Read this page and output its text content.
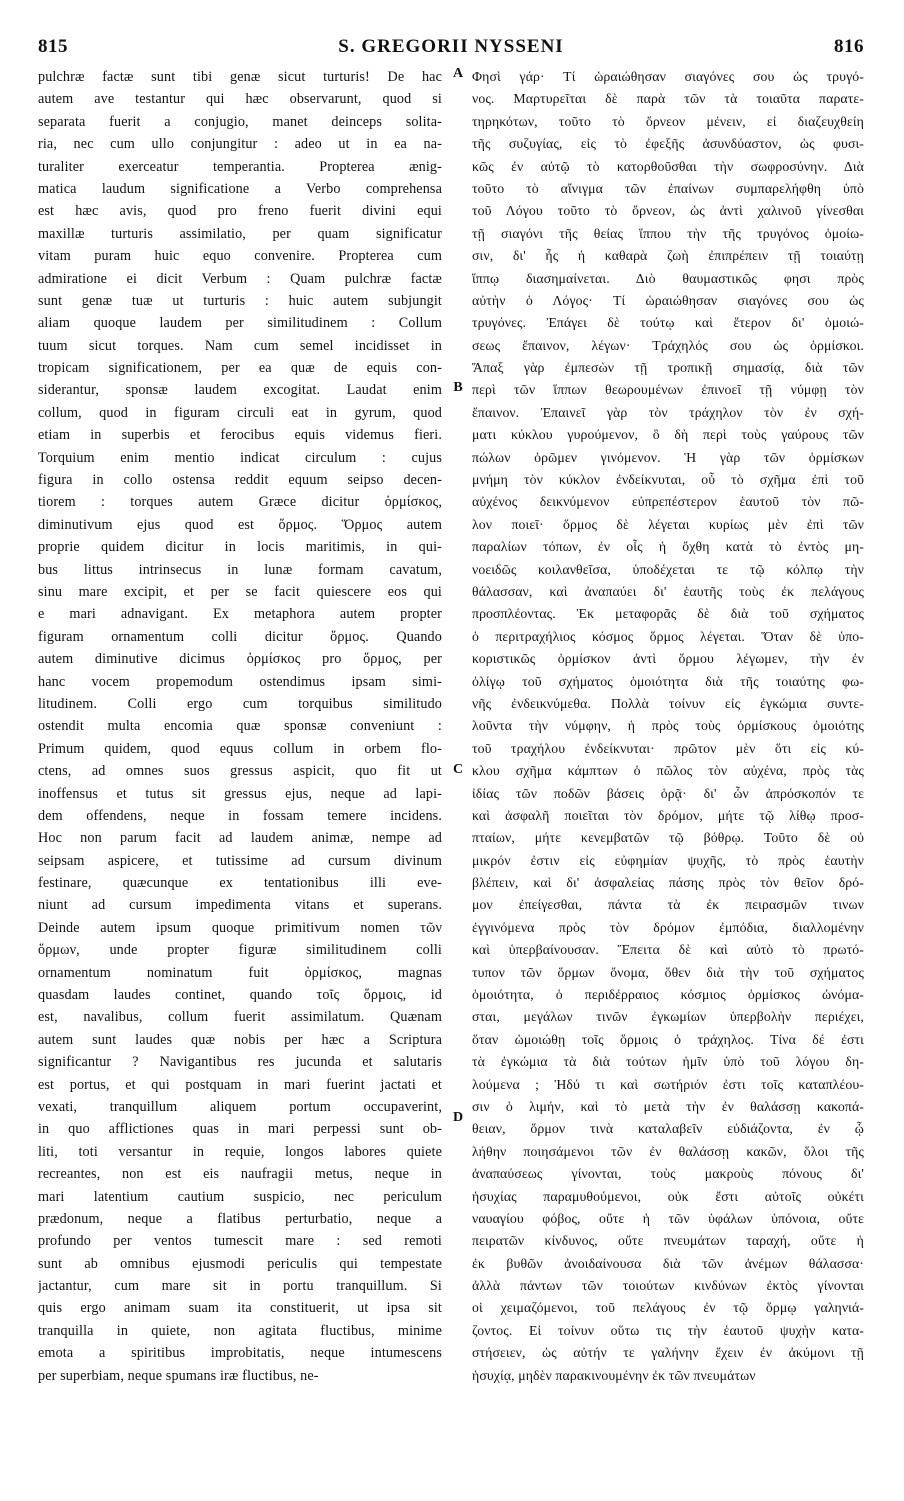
815	S. GREGORII NYSSENI	816
pulchræ factæ sunt tibi genæ sicut turturis! De hac
autem ave testantur qui hæc observarunt, quod si
separata fuerit a conjugio, manet deinceps solita-
ria, nec cum ullo conjungitur : adeo ut in ea na-
turaliter exerceatur temperantia. Propterea ænig-
matica laudum significatione a Verbo comprehensa
est hæc avis, quod pro freno fuerit divini equi
maxillæ turturis assimilatio, per quam significatur
vitam puram huic equo convenire. Propterea cum
admiratione ei dicit Verbum : Quam pulchræ factæ
sunt genæ tuæ ut turturis : huic autem subjungit
aliam quoque laudem per similitudinem : Collum
tuum sicut torques. Nam cum semel incidisset in
tropicam significationem, per ea quæ de equis con-
siderantur, sponsæ laudem excogitat. Laudat enim
collum, quod in figuram circuli eat in gyrum, quod
etiam in superbis et ferocibus equis videmus fieri.
Torquium enim mentio indicat circulum : cujus
figura in collo ostensa reddit equum seipso decen-
tiorem : torques autem Græce dicitur ὁρμίσκος,
diminutivum ejus quod est ὅρμος. Ὅρμος autem
proprie quidem dicitur in locis maritimis, in qui-
bus littus intrinsecus in lunæ formam cavatum,
sinu mare excipit, et per se facit quiescere eos qui
e mari adnavigant. Ex metaphora autem propter
figuram ornamentum colli dicitur ὅρμος. Quando
autem diminutive dicimus ὁρμίσκος pro ὅρμος, per
hanc vocem propemodum ostendimus ipsam simi-
litudinem. Colli ergo cum torquibus similitudo
ostendit multa encomia quæ sponsæ conveniunt :
Primum quidem, quod equus collum in orbem flo-
ctens, ad omnes suos gressus aspicit, quo fit ut
inoffensus et tutus sit gressus ejus, neque ad lapi-
dem offendens, neque in fossam temere incidens.
Hoc non parum facit ad laudem animæ, nempe ad
seipsam aspicere, et tutissime ad cursum divinum
festinare, quæcunque ex tentationibus illi eve-
niunt ad cursum impedimenta vitans et superans.
Deinde autem ipsum quoque primitivum nomen τῶν
ὅρμων, unde propter figuræ similitudinem colli
ornamentum nominatum fuit ὁρμίσκος, magnas
quasdam laudes continet, quando τοῖς ὅρμοις, id
est, navalibus, collum fuerit assimilatum. Quænam
autem sunt laudes quæ nobis per hæc a Scriptura
significantur ? Navigantibus res jucunda et salutaris
est portus, et qui postquam in mari fuerint jactati et
vexati, tranquillum aliquem portum occupaverint,
in quo afflictiones quas in mari perpessi sunt ob-
liti, toti versantur in requie, longos labores quiete
recreantes, non est eis naufragii metus, neque in
mari latentium cautium suspicio, nec periculum
prædonum, neque a flatibus perturbatio, neque a
profundo per ventos tumescit mare : sed remoti
sunt ab omnibus ejusmodi periculis qui tempestate
jactantur, cum mare sit in portu tranquillum. Si
quis ergo animam suam ita constituerit, ut ipsa sit
tranquilla in quiete, non agitata fluctibus, minime
emota a spiritibus improbitatis, neque intumescens
per superbiam, neque spumans iræ fluctibus, ne-
Φησὶ γάρ· Τί ὡραιώθησαν σιαγόνες σου ὡς τρυγό-
νος. Μαρτυρεῖται δὲ παρὰ τῶν τὰ τοιαῦτα παρατε-
τηρηκότων, τοῦτο τὸ ὄρνεον μένειν, εἰ διαζευχθείη
τῆς συζυγίας, εἰς τὸ ἐφεξῆς ἀσυνδύαστον, ὡς φυσι-
κῶς ἐν αὐτῷ τὸ κατορθοῦσθαι τὴν σωφροσύνην. Διὰ
τοῦτο τὸ αἴνιγμα τῶν ἐπαίνων συμπαρελήφθη ὑπὸ
τοῦ Λόγου τοῦτο τὸ ὄρνεον, ὡς ἀντὶ χαλινοῦ γίνεσθαι
τῇ σιαγόνι τῆς θείας ἵππου τὴν τῆς τρυγόνος ὁμοίω-
σιν, δι' ἧς ἡ καθαρὰ ζωὴ ἐπιπρέπειν τῇ τοιαύτῃ
ἵππῳ διασημαίνεται. Διὸ θαυμαστικῶς φησι πρὸς
αὐτὴν ὁ Λόγος· Τί ὡραιώθησαν σιαγόνες σου ὡς
τρυγόνες. Ἐπάγει δὲ τούτῳ καὶ ἕτερον δι' ὁμοιώ-
σεως ἔπαινον, λέγων· Τράχηλός σου ὡς ὁρμίσκοι.
Ἅπαξ γὰρ ἐμπεσὼν τῇ τροπικῇ σημασίᾳ, διὰ τῶν
περὶ τῶν ἵππων θεωρουμένων ἐπινοεῖ τῇ νύμφῃ τὸν
ἔπαινον. Ἐπαινεῖ γὰρ τὸν τράχηλον τὸν ἐν σχή-
ματι κύκλου γυρούμενον, ὃ δὴ περὶ τοὺς γαύρους τῶν
πώλων ὁρῶμεν γινόμενον. Ἡ γὰρ τῶν ὁρμίσκων
μνήμη τὸν κύκλον ἐνδείκνυται, οὗ τὸ σχῆμα ἐπὶ τοῦ
αὐχένος δεικνύμενον εὐπρεπέστερον ἑαυτοῦ τὸν πῶ-
λον ποιεῖ· ὅρμος δὲ λέγεται κυρίως μὲν ἐπὶ τῶν
παραλίων τόπων, ἐν οἷς ἡ ὄχθη κατὰ τὸ ἐντὸς μη-
νοειδῶς κοιλανθεῖσα, ὑποδέχεται τε τῷ κόλπῳ τὴν
θάλασσαν, καὶ ἀναπαύει δι' ἑαυτῆς τοὺς ἐκ πελάγους
προσπλέοντας. Ἐκ μεταφορᾶς δὲ διὰ τοῦ σχήματος
ὁ περιτραχήλιος κόσμος ὅρμος λέγεται. Ὅταν δὲ ὑπο-
κοριστικῶς ὁρμίσκον ἀντὶ ὅρμου λέγωμεν, τὴν ἐν
ὀλίγῳ τοῦ σχήματος ὁμοιότητα διὰ τῆς τοιαύτης φω-
νῆς ἐνδεικνύμεθα. Πολλὰ τοίνυν εἰς ἐγκώμια συντε-
λοῦντα τὴν νύμφην, ἡ πρὸς τοὺς ὁρμίσκους ὁμοιότης
τοῦ τραχήλου ἐνδείκνυται· πρῶτον μὲν ὅτι εἰς κύ-
κλου σχῆμα κάμπτων ὁ πῶλος τὸν αὐχένα, πρὸς τὰς
ἰδίας τῶν ποδῶν βάσεις ὁρᾷ· δι' ὧν ἀπρόσκοπόν τε
καὶ ἀσφαλῆ ποιεῖται τὸν δρόμον, μήτε τῷ λίθῳ προσ-
πταίων, μήτε κενεμβατῶν τῷ βόθρῳ. Τοῦτο δὲ οὐ
μικρόν ἐστιν εἰς εὐφημίαν ψυχῆς, τὸ πρὸς ἑαυτὴν
βλέπειν, καὶ δι' ἀσφαλείας πάσης πρὸς τὸν θεῖον δρό-
μον ἐπείγεσθαι, πάντα τὰ ἐκ πειρασμῶν τινων
ἐγγινόμενα πρὸς τὸν δρόμον ἐμπόδια, διαλλομένην
καὶ ὑπερβαίνουσαν. Ἔπειτα δὲ καὶ αὐτὸ τὸ πρωτό-
τυπον τῶν ὅρμων ὄνομα, ὅθεν διὰ τὴν τοῦ σχήματος
ὁμοιότητα, ὁ περιδέρραιος κόσμιος ὁρμίσκος ὠνόμα-
σται, μεγάλων τινῶν ἐγκωμίων ὑπερβολὴν περιέχει,
ὅταν ὡμοιώθῃ τοῖς ὅρμοις ὁ τράχηλος. Τίνα δέ ἐστι
τὰ ἐγκώμια τὰ διὰ τούτων ἡμῖν ὑπὸ τοῦ λόγου δη-
λούμενα ; Ἡδύ τι καὶ σωτήριόν ἐστι τοῖς καταπλέου-
σιν ὁ λιμήν, καὶ τὸ μετὰ τὴν ἐν θαλάσσῃ κακοπά-
θειαν, ὅρμον τινὰ καταλαβεῖν εὐδιάζοντα, ἐν ᾧ
λήθην ποιησάμενοι τῶν ἐν θαλάσσῃ κακῶν, ὅλοι τῆς
ἀναπαύσεως γίνονται, τοὺς μακροὺς πόνους δι'
ἡσυχίας παραμυθούμενοι, οὐκ ἔστι αὐτοῖς οὐκέτι
ναυαγίου φόβος, οὔτε ἡ τῶν ὑφάλων ὑπόνοια, οὔτε
πειρατῶν κίνδυνος, οὔτε πνευμάτων ταραχή, οὔτε ἡ
ἐκ βυθῶν ἀνοιδαίνουσα διὰ τῶν ἀνέμων θάλασσα·
ἀλλὰ πάντων τῶν τοιούτων κινδύνων ἐκτὸς γίνονται
οἱ χειμαζόμενοι, τοῦ πελάγους ἐν τῷ ὅρμῳ γαληνιά-
ζοντος. Εἰ τοίνυν οὕτω τις τὴν ἑαυτοῦ ψυχὴν κατα-
στήσειεν, ὡς αὐτήν τε γαλήνην ἔχειν ἐν ἀκύμονι τῇ
ἡσυχίᾳ, μηδὲν παρακινουμένην ἐκ τῶν πνευμάτων
A
B
C
D
